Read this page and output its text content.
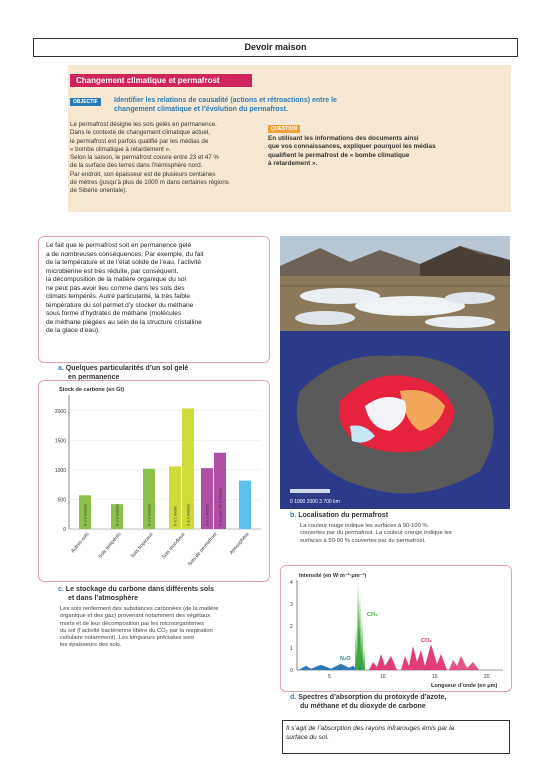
Devoir maison
Changement climatique et permafrost
OBJECTIF	Identifier les relations de causalité (actions et rétroactions) entre le changement climatique et l’évolution du permafrost.
Le permafrost désigne les sols gelés en permanence.
Dans le contexte de changement climatique actuel,
le permafrost est parfois qualifié par les médias de
« bombe climatique à retardement ».
Selon la saison, le permafrost couvre entre 23 et 47 %
de la surface des terres dans l’hémisphère nord.
Par endroit, son épaisseur est de plusieurs centaines
de mètres (jusqu’à plus de 1000 m dans certaines régions
de Sibérie orientale).
QUESTION
En utilisant les informations des documents ainsi
que vos connaissances, expliquer pourquoi les médias
qualifient le permafrost de « bombe climatique
à retardement ».
Le fait que le permafrost soit en permanence gelé
a de nombreuses conséquences. Par exemple, du fait
de la température et de l’état solide de l’eau, l’activité
microbienne est très réduite, par conséquent,
la décomposition de la matière organique du sol
ne peut pas avoir lieu comme dans les sols des
climats tempérés. Autre particularité, la très faible
température du sol permet d’y stocker du méthane
sous forme d’hydrates de méthane (molécules
de méthane piégées au sein de la structure cristalline
de la glace d’eau).
a. Quelques particularités d’un sol gelé
en permanence
0 1000 2000 3 700 km
b. Localisation du permafrost
La couleur rouge indique les surfaces à 90-100 %
couvertes par du permafrost. La couleur orange indique les
surfaces à 50-90 % couvertes par du permafrost.
Stock de carbone (en Gt)
0
500
1000
1500
2000
0 à 3 mètres
Autres sols
0 à 3 mètres
Sols tempérés
0 à 3 mètres
Sols tropicaux
0 à 1 mètre 0 à 2 mètres
Sols mondiaux
0 à 3 mètres 0 au plus de 3 mètres
Sols de permafrost Atmosphère
c. Le stockage du carbone dans différents sols
et dans l’atmosphère
Les sols renferment des substances carbonées (de la matière
organique et des gaz) provenant notamment des végétaux
morts et de leur décomposition par les microorganismes
du sol (l’activité bactérienne libère du CO₂ par la respiration
cellulaire notamment). Les longueurs précisées sont
les épaisseurs des sols.
Intensité (en W·m⁻²·μm⁻¹)
0
1
2
3
4
CH₄
N₂O
CO₂
5	10	15	20
Longueur d’onde (en μm)
d. Spectres d’absorption du protoxyde d’azote,
du méthane et du dioxyde de carbone
Il s’agit de l’absorption des rayons infrarouges émis par la
surface du sol.
